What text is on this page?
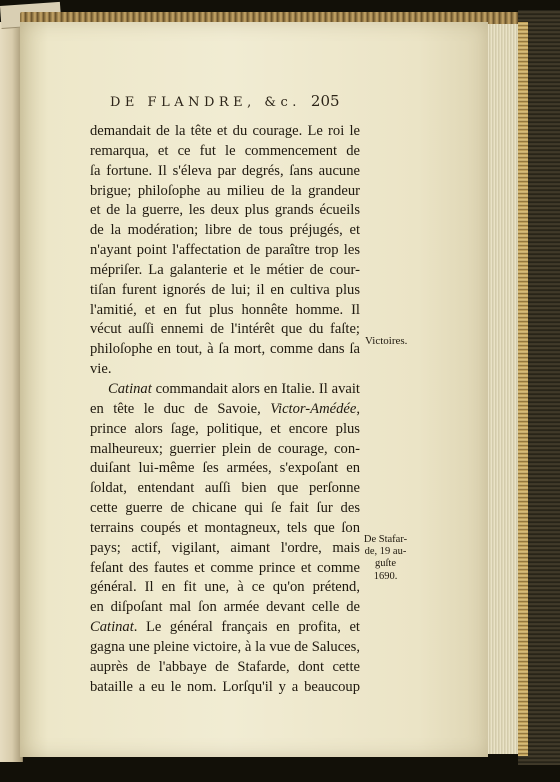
DE FLANDRE, &c. 205
demandait de la tête et du courage. Le roi le
remarqua, et ce fut le commencement de
ſa fortune. Il s'éleva par degrés, ſans aucune
brigue; philoſophe au milieu de la grandeur
et de la guerre, les deux plus grands écueils
de la modération; libre de tous préjugés, et
n'ayant point l'affectation de paraître trop les
mépriſer. La galanterie et le métier de cour-
tiſan furent ignorés de lui; il en cultiva plus
l'amitié, et en fut plus honnête homme. Il
vécut auſſi ennemi de l'intérêt que du faſte;
philoſophe en tout, à ſa mort, comme dans ſa
vie.
Catinat commandait alors en Italie. Il avait
en tête le duc de Savoie, Victor-Amédée,
prince alors ſage, politique, et encore plus
malheureux; guerrier plein de courage, con-
duiſant lui-même ſes armées, s'expoſant en
ſoldat, entendant auſſi bien que perſonne
cette guerre de chicane qui ſe fait ſur des
terrains coupés et montagneux, tels que ſon
pays; actif, vigilant, aimant l'ordre, mais
feſant des fautes et comme prince et comme
général. Il en fit une, à ce qu'on prétend,
en diſpoſant mal ſon armée devant celle de
Catinat. Le général français en profita, et
gagna une pleine victoire, à la vue de Saluces,
auprès de l'abbaye de Stafarde, dont cette
bataille a eu le nom. Lorſqu'il y a beaucoup
Victoires.
De Stafar-
de, 19 au-
guſte
1690.
